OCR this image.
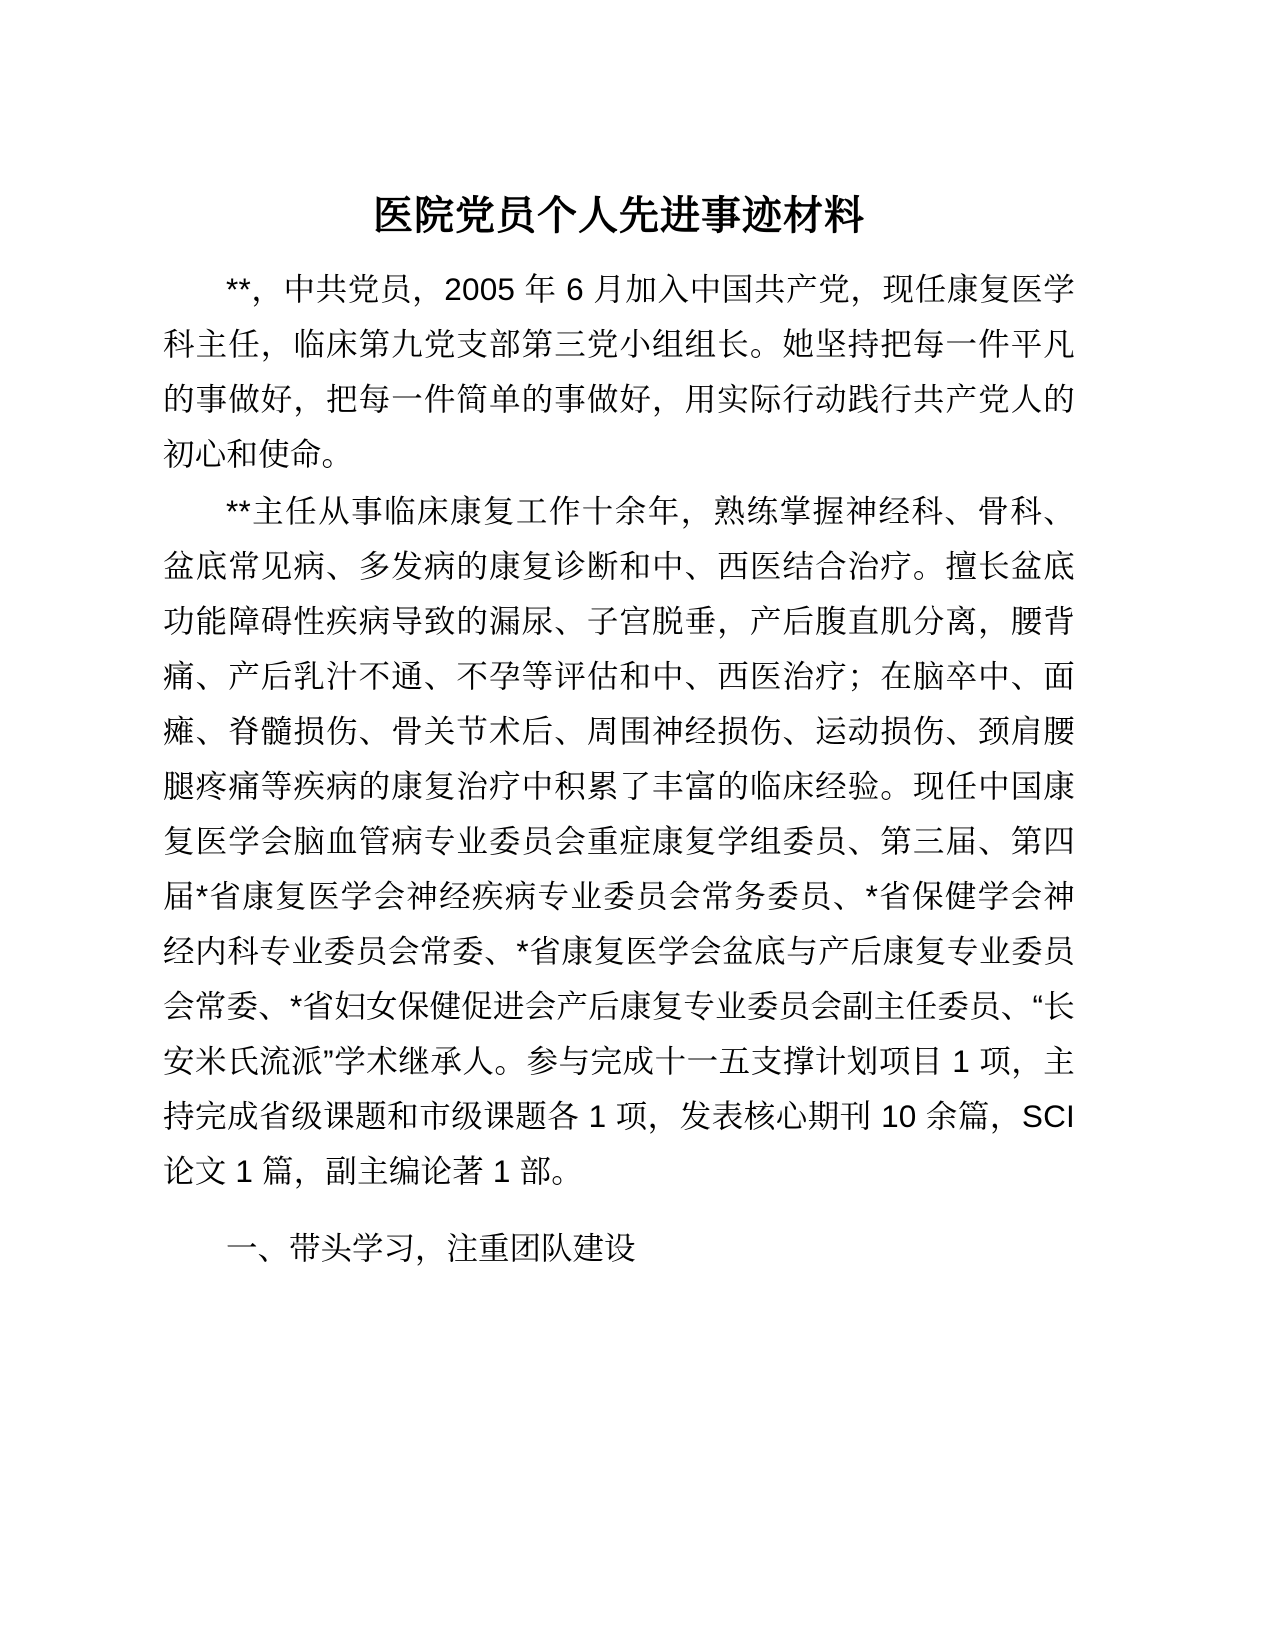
医院党员个人先进事迹材料

**，中共党员，2005 年 6 月加入中国共产党，现任康复医学科主任，临床第九党支部第三党小组组长。她坚持把每一件平凡的事做好，把每一件简单的事做好，用实际行动践行共产党人的初心和使命。

**主任从事临床康复工作十余年，熟练掌握神经科、骨科、盆底常见病、多发病的康复诊断和中、西医结合治疗。擅长盆底功能障碍性疾病导致的漏尿、子宫脱垂，产后腹直肌分离，腰背痛、产后乳汁不通、不孕等评估和中、西医治疗；在脑卒中、面瘫、脊髓损伤、骨关节术后、周围神经损伤、运动损伤、颈肩腰腿疼痛等疾病的康复治疗中积累了丰富的临床经验。现任中国康复医学会脑血管病专业委员会重症康复学组委员、第三届、第四届*省康复医学会神经疾病专业委员会常务委员、*省保健学会神经内科专业委员会常委、*省康复医学会盆底与产后康复专业委员会常委、*省妇女保健促进会产后康复专业委员会副主任委员、“长安米氏流派”学术继承人。参与完成十一五支撑计划项目 1 项，主持完成省级课题和市级课题各 1 项，发表核心期刊 10 余篇，SCI 论文 1 篇，副主编论著 1 部。

一、带头学习，注重团队建设
